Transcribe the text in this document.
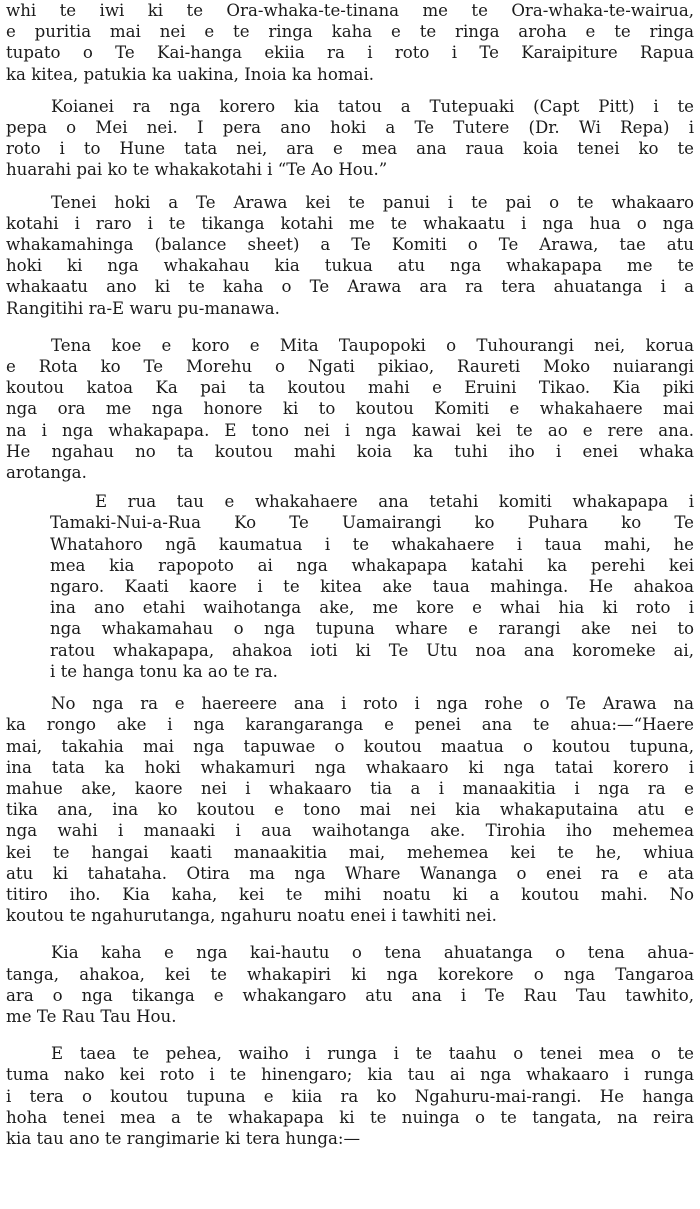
whi te iwi ki te Ora-whaka-te-tinana me te Ora-whaka-te-wairua,
e puritia mai nei e te ringa kaha e te ringa aroha e te ringa
tupato o Te Kai-hanga ekiia ra i roto i Te Karaipiture Rapua
ka kitea, patukia ka uakina, Inoia ka homai.
Koianei ra nga korero kia tatou a Tutepuaki (Capt Pitt) i te
pepa o Mei nei. I pera ano hoki a Te Tutere (Dr. Wi Repa) i
roto i to Hune tata nei, ara e mea ana raua koia tenei ko te
huarahi pai ko te whakakotahi i “Te Ao Hou.”
Tenei hoki a Te Arawa kei te panui i te pai o te whakaaro
kotahi i raro i te tikanga kotahi me te whakaatu i nga hua o nga
whakamahinga (balance sheet) a Te Komiti o Te Arawa, tae atu
hoki ki nga whakahau kia tukua atu nga whakapapa me te
whakaatu ano ki te kaha o Te Arawa ara ra tera ahuatanga i a
Rangitihi ra-E waru pu-manawa.
Tena koe e koro e Mita Taupopoki o Tuhourangi nei, korua
e Rota ko Te Morehu o Ngati pikiao, Raureti Moko nuiarangi
koutou katoa Ka pai ta koutou mahi e Eruini Tikao. Kia piki
nga ora me nga honore ki to koutou Komiti e whakahaere mai
na i nga whakapapa. E tono nei i nga kawai kei te ao e rere ana.
He ngahau no ta koutou mahi koia ka tuhi iho i enei whaka
arotanga.
E rua tau e whakahaere ana tetahi komiti whakapapa i
Tamaki-Nui-a-Rua Ko Te Uamairangi ko Puhara ko Te
Whatahoro ngā kaumatua i te whakahaere i taua mahi, he
mea kia rapopoto ai nga whakapapa katahi ka perehi kei
ngaro. Kaati kaore i te kitea ake taua mahinga. He ahakoa
ina ano etahi waihotanga ake, me kore e whai hia ki roto i
nga whakamahau o nga tupuna whare e rarangi ake nei to
ratou whakapapa, ahakoa ioti ki Te Utu noa ana koromeke ai,
i te hanga tonu ka ao te ra.
No nga ra e haereere ana i roto i nga rohe o Te Arawa na
ka rongo ake i nga karangaranga e penei ana te ahua:—“Haere
mai, takahia mai nga tapuwae o koutou maatua o koutou tupuna,
ina tata ka hoki whakamuri nga whakaaro ki nga tatai korero i
mahue ake, kaore nei i whakaaro tia a i manaakitia i nga ra e
tika ana, ina ko koutou e tono mai nei kia whakaputaina atu e
nga wahi i manaaki i aua waihotanga ake. Tirohia iho mehemea
kei te hangai kaati manaakitia mai, mehemea kei te he, whiua
atu ki tahataha. Otira ma nga Whare Wananga o enei ra e ata
titiro iho. Kia kaha, kei te mihi noatu ki a koutou mahi. No
koutou te ngahurutanga, ngahuru noatu enei i tawhiti nei.
Kia kaha e nga kai-hautu o tena ahuatanga o tena ahua-
tanga, ahakoa, kei te whakapiri ki nga korekore o nga Tangaroa
ara o nga tikanga e whakangaro atu ana i Te Rau Tau tawhito,
me Te Rau Tau Hou.
E taea te pehea, waiho i runga i te taahu o tenei mea o te
tuma nako kei roto i te hinengaro; kia tau ai nga whakaaro i runga
i tera o koutou tupuna e kiia ra ko Ngahuru-mai-rangi. He hanga
hoha tenei mea a te whakapapa ki te nuinga o te tangata, na reira
kia tau ano te rangimarie ki tera hunga:—
